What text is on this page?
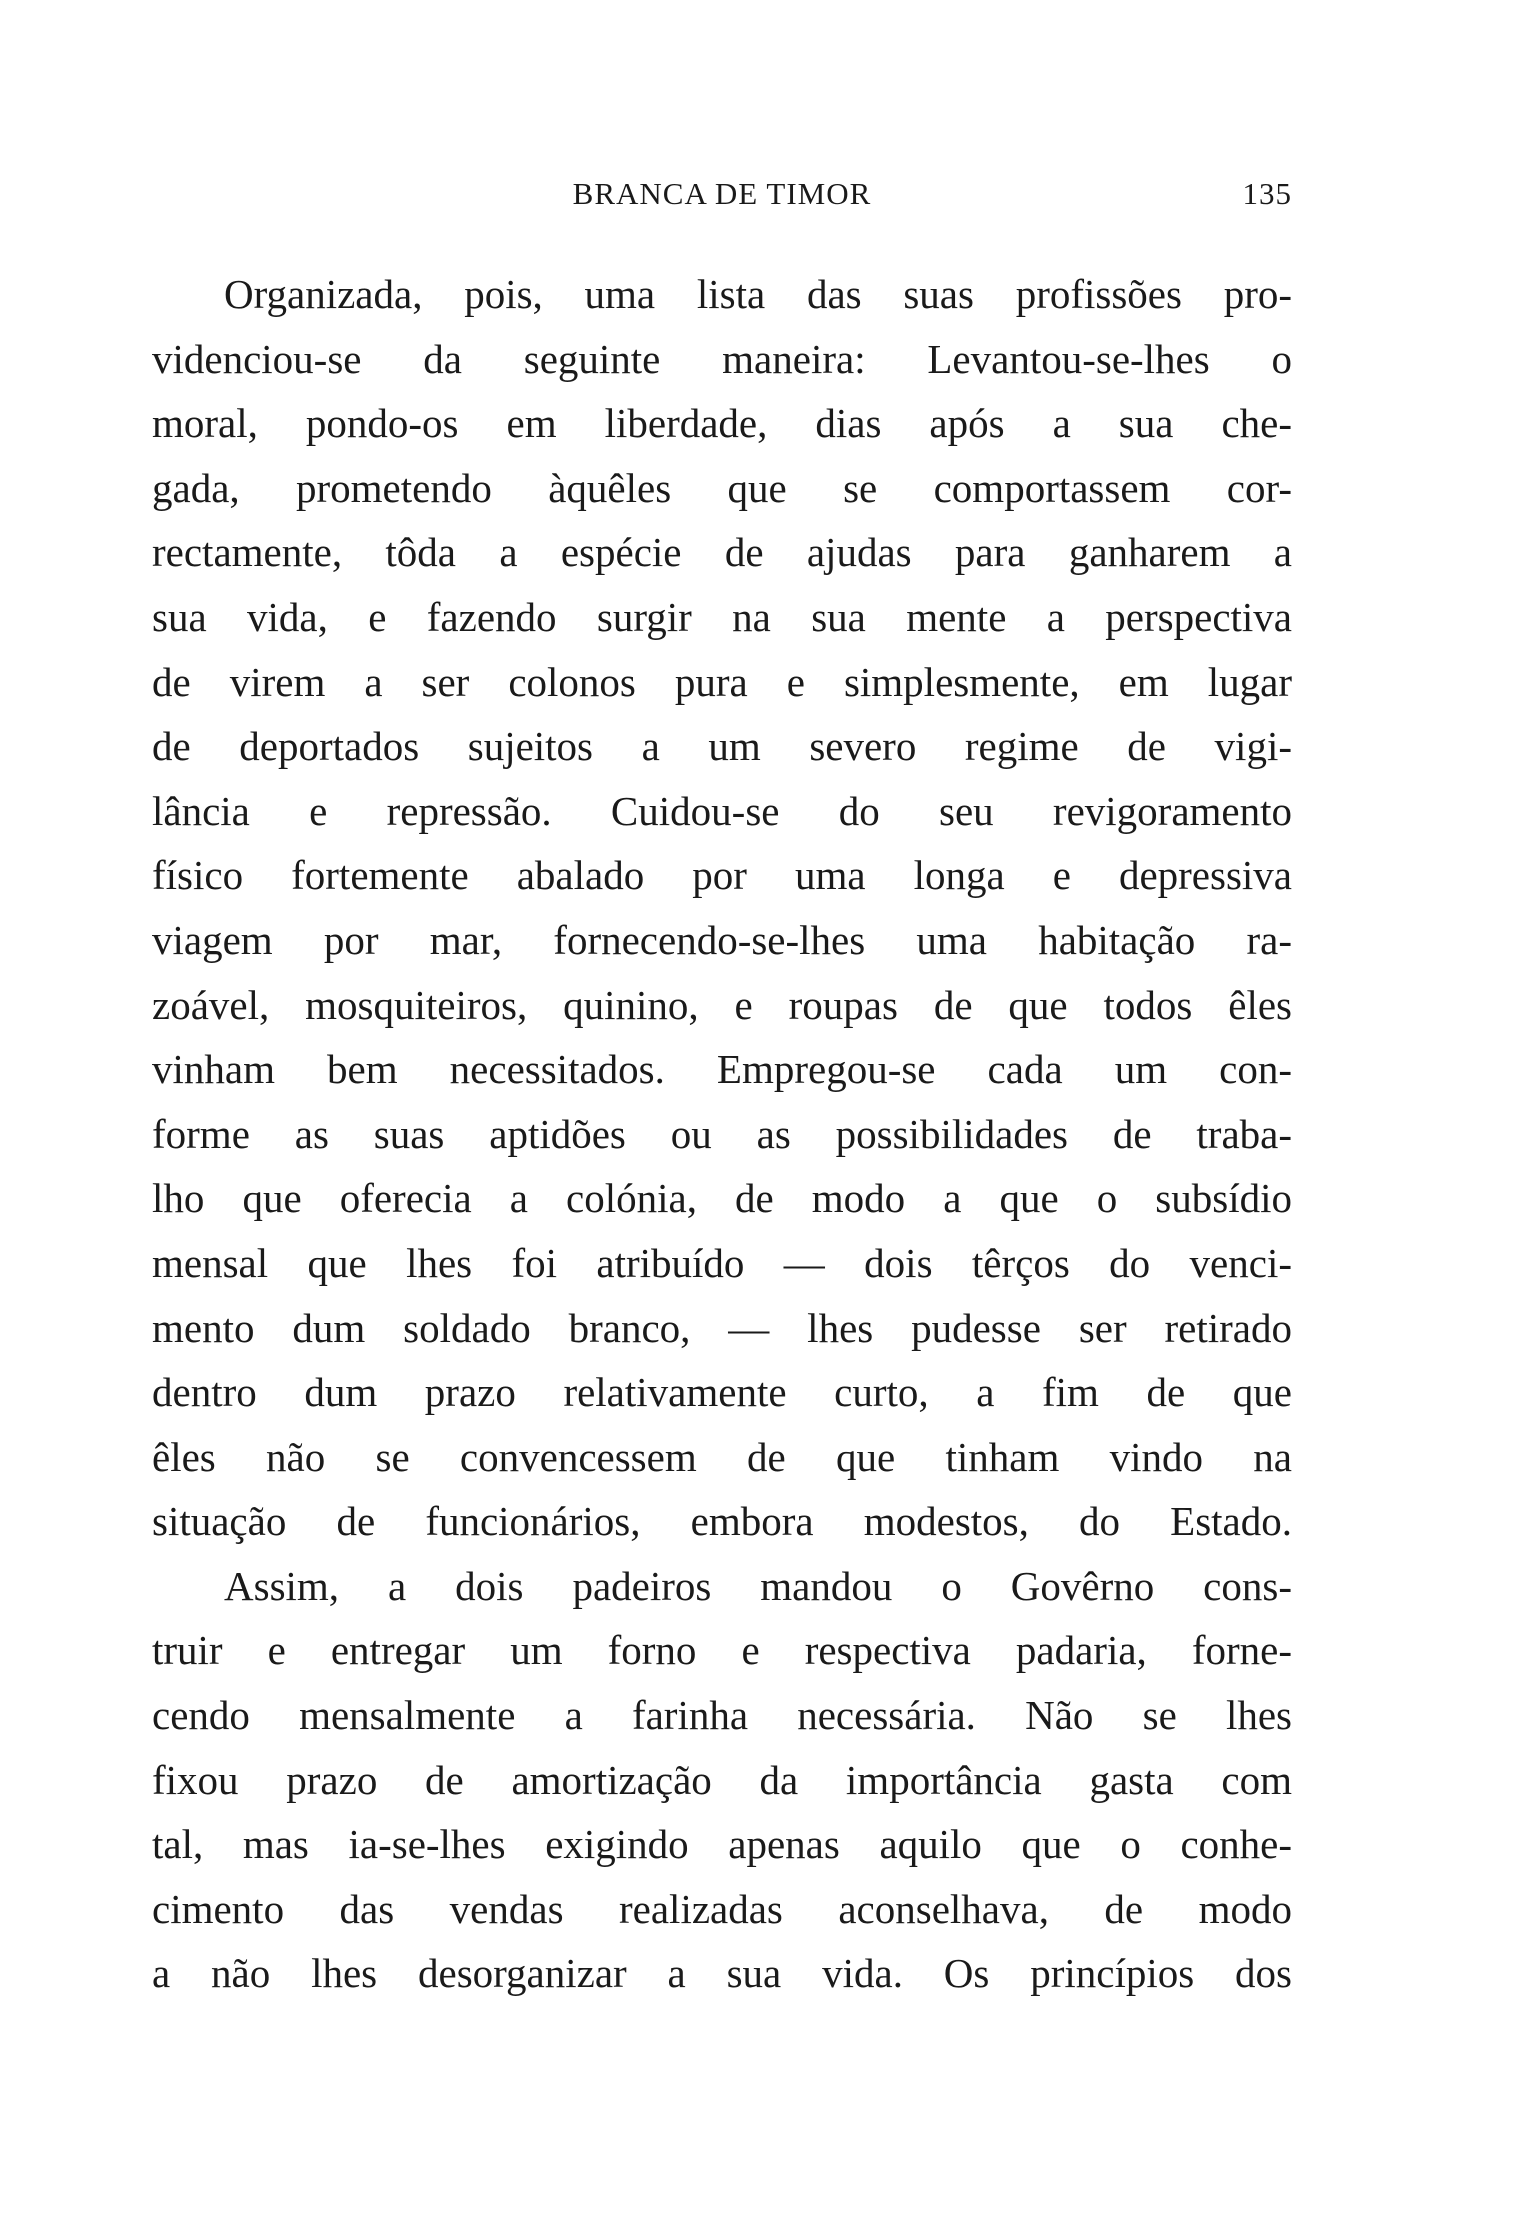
BRANCA DE TIMOR	135
Organizada, pois, uma lista das suas profissões pro-
videnciou-se da seguinte maneira: Levantou-se-lhes o
moral, pondo-os em liberdade, dias após a sua che-
gada, prometendo àquêles que se comportassem cor-
rectamente, tôda a espécie de ajudas para ganharem a
sua vida, e fazendo surgir na sua mente a perspectiva
de virem a ser colonos pura e simplesmente, em lugar
de deportados sujeitos a um severo regime de vigi-
lância e repressão. Cuidou-se do seu revigoramento
físico fortemente abalado por uma longa e depressiva
viagem por mar, fornecendo-se-lhes uma habitação ra-
zoável, mosquiteiros, quinino, e roupas de que todos êles
vinham bem necessitados. Empregou-se cada um con-
forme as suas aptidões ou as possibilidades de traba-
lho que oferecia a colónia, de modo a que o subsídio
mensal que lhes foi atribuído — dois têrços do venci-
mento dum soldado branco, — lhes pudesse ser retirado
dentro dum prazo relativamente curto, a fim de que
êles não se convencessem de que tinham vindo na
situação de funcionários, embora modestos, do Estado.
Assim, a dois padeiros mandou o Govêrno cons-
truir e entregar um forno e respectiva padaria, forne-
cendo mensalmente a farinha necessária. Não se lhes
fixou prazo de amortização da importância gasta com
tal, mas ia-se-lhes exigindo apenas aquilo que o conhe-
cimento das vendas realizadas aconselhava, de modo
a não lhes desorganizar a sua vida. Os princípios dos
